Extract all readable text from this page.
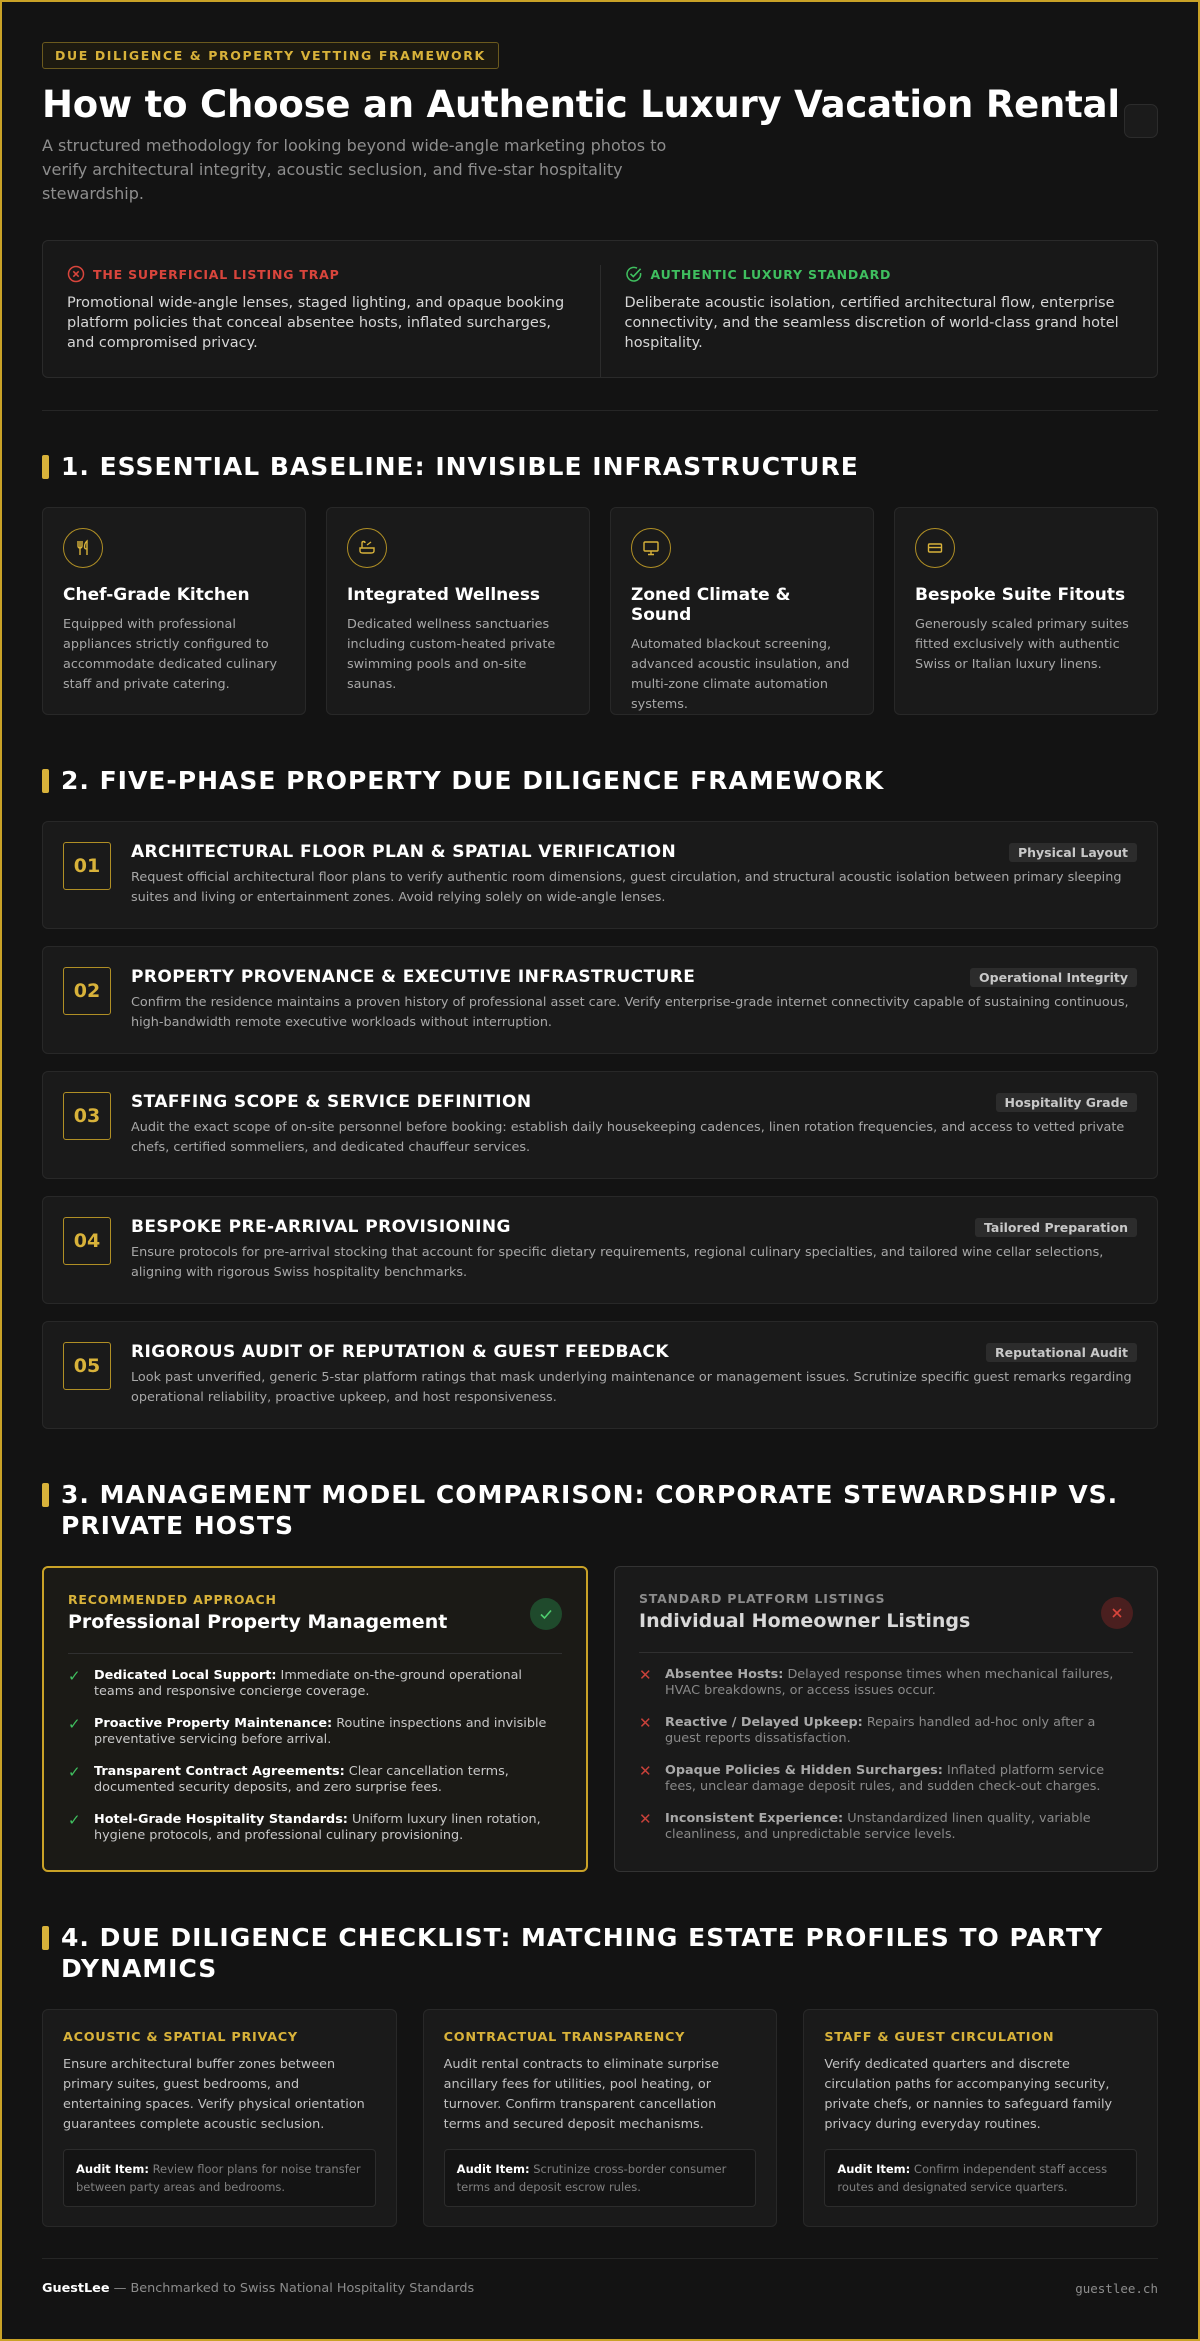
DUE DILIGENCE & PROPERTY VETTING FRAMEWORK
How to Choose an Authentic Luxury Vacation Rental

A structured methodology for looking beyond wide-angle marketing photos to verify architectural integrity, acoustic seclusion, and five-star hospitality stewardship.

THE SUPERFICIAL LISTING TRAP

Promotional wide-angle lenses, staged lighting, and opaque booking platform policies that conceal absentee hosts, inflated surcharges, and compromised privacy.

AUTHENTIC LUXURY STANDARD

Deliberate acoustic isolation, certified architectural flow, enterprise connectivity, and the seamless discretion of world-class grand hotel hospitality.

1. ESSENTIAL BASELINE: INVISIBLE INFRASTRUCTURE
Chef-Grade Kitchen

Equipped with professional appliances strictly configured to accommodate dedicated culinary staff and private catering.

Integrated Wellness

Dedicated wellness sanctuaries including custom-heated private swimming pools and on-site saunas.

Zoned Climate & Sound

Automated blackout screening, advanced acoustic insulation, and multi-zone climate automation systems.

Bespoke Suite Fitouts

Generously scaled primary suites fitted exclusively with authentic Swiss or Italian luxury linens.

2. FIVE-PHASE PROPERTY DUE DILIGENCE FRAMEWORK
01
ARCHITECTURAL FLOOR PLAN & SPATIAL VERIFICATION	Physical Layout

Request official architectural floor plans to verify authentic room dimensions, guest circulation, and structural acoustic isolation between primary sleeping suites and living or entertainment zones. Avoid relying solely on wide-angle lenses.

02
PROPERTY PROVENANCE & EXECUTIVE INFRASTRUCTURE	Operational Integrity

Confirm the residence maintains a proven history of professional asset care. Verify enterprise-grade internet connectivity capable of sustaining continuous, high-bandwidth remote executive workloads without interruption.

03
STAFFING SCOPE & SERVICE DEFINITION	Hospitality Grade

Audit the exact scope of on-site personnel before booking: establish daily housekeeping cadences, linen rotation frequencies, and access to vetted private chefs, certified sommeliers, and dedicated chauffeur services.

04
BESPOKE PRE-ARRIVAL PROVISIONING	Tailored Preparation

Ensure protocols for pre-arrival stocking that account for specific dietary requirements, regional culinary specialties, and tailored wine cellar selections, aligning with rigorous Swiss hospitality benchmarks.

05
RIGOROUS AUDIT OF REPUTATION & GUEST FEEDBACK	Reputational Audit

Look past unverified, generic 5-star platform ratings that mask underlying maintenance or management issues. Scrutinize specific guest remarks regarding operational reliability, proactive upkeep, and host responsiveness.

3. MANAGEMENT MODEL COMPARISON: CORPORATE STEWARDSHIP VS. PRIVATE HOSTS
RECOMMENDED APPROACH
Professional Property Management
✓ Dedicated Local Support: Immediate on-the-ground operational teams and responsive concierge coverage.
✓ Proactive Property Maintenance: Routine inspections and invisible preventative servicing before arrival.
✓ Transparent Contract Agreements: Clear cancellation terms, documented security deposits, and zero surprise fees.
✓ Hotel-Grade Hospitality Standards: Uniform luxury linen rotation, hygiene protocols, and professional culinary provisioning.
STANDARD PLATFORM LISTINGS
Individual Homeowner Listings
✕ Absentee Hosts: Delayed response times when mechanical failures, HVAC breakdowns, or access issues occur.
✕ Reactive / Delayed Upkeep: Repairs handled ad-hoc only after a guest reports dissatisfaction.
✕ Opaque Policies & Hidden Surcharges: Inflated platform service fees, unclear damage deposit rules, and sudden check-out charges.
✕ Inconsistent Experience: Unstandardized linen quality, variable cleanliness, and unpredictable service levels.
4. DUE DILIGENCE CHECKLIST: MATCHING ESTATE PROFILES TO PARTY DYNAMICS
ACOUSTIC & SPATIAL PRIVACY

Ensure architectural buffer zones between primary suites, guest bedrooms, and entertaining spaces. Verify physical orientation guarantees complete acoustic seclusion.

Audit Item: Review floor plans for noise transfer between party areas and bedrooms.
CONTRACTUAL TRANSPARENCY

Audit rental contracts to eliminate surprise ancillary fees for utilities, pool heating, or turnover. Confirm transparent cancellation terms and secured deposit mechanisms.

Audit Item: Scrutinize cross-border consumer terms and deposit escrow rules.
STAFF & GUEST CIRCULATION

Verify dedicated quarters and discrete circulation paths for accompanying security, private chefs, or nannies to safeguard family privacy during everyday routines.

Audit Item: Confirm independent staff access routes and designated service quarters.
GuestLee — Benchmarked to Swiss National Hospitality Standards	guestlee.ch
